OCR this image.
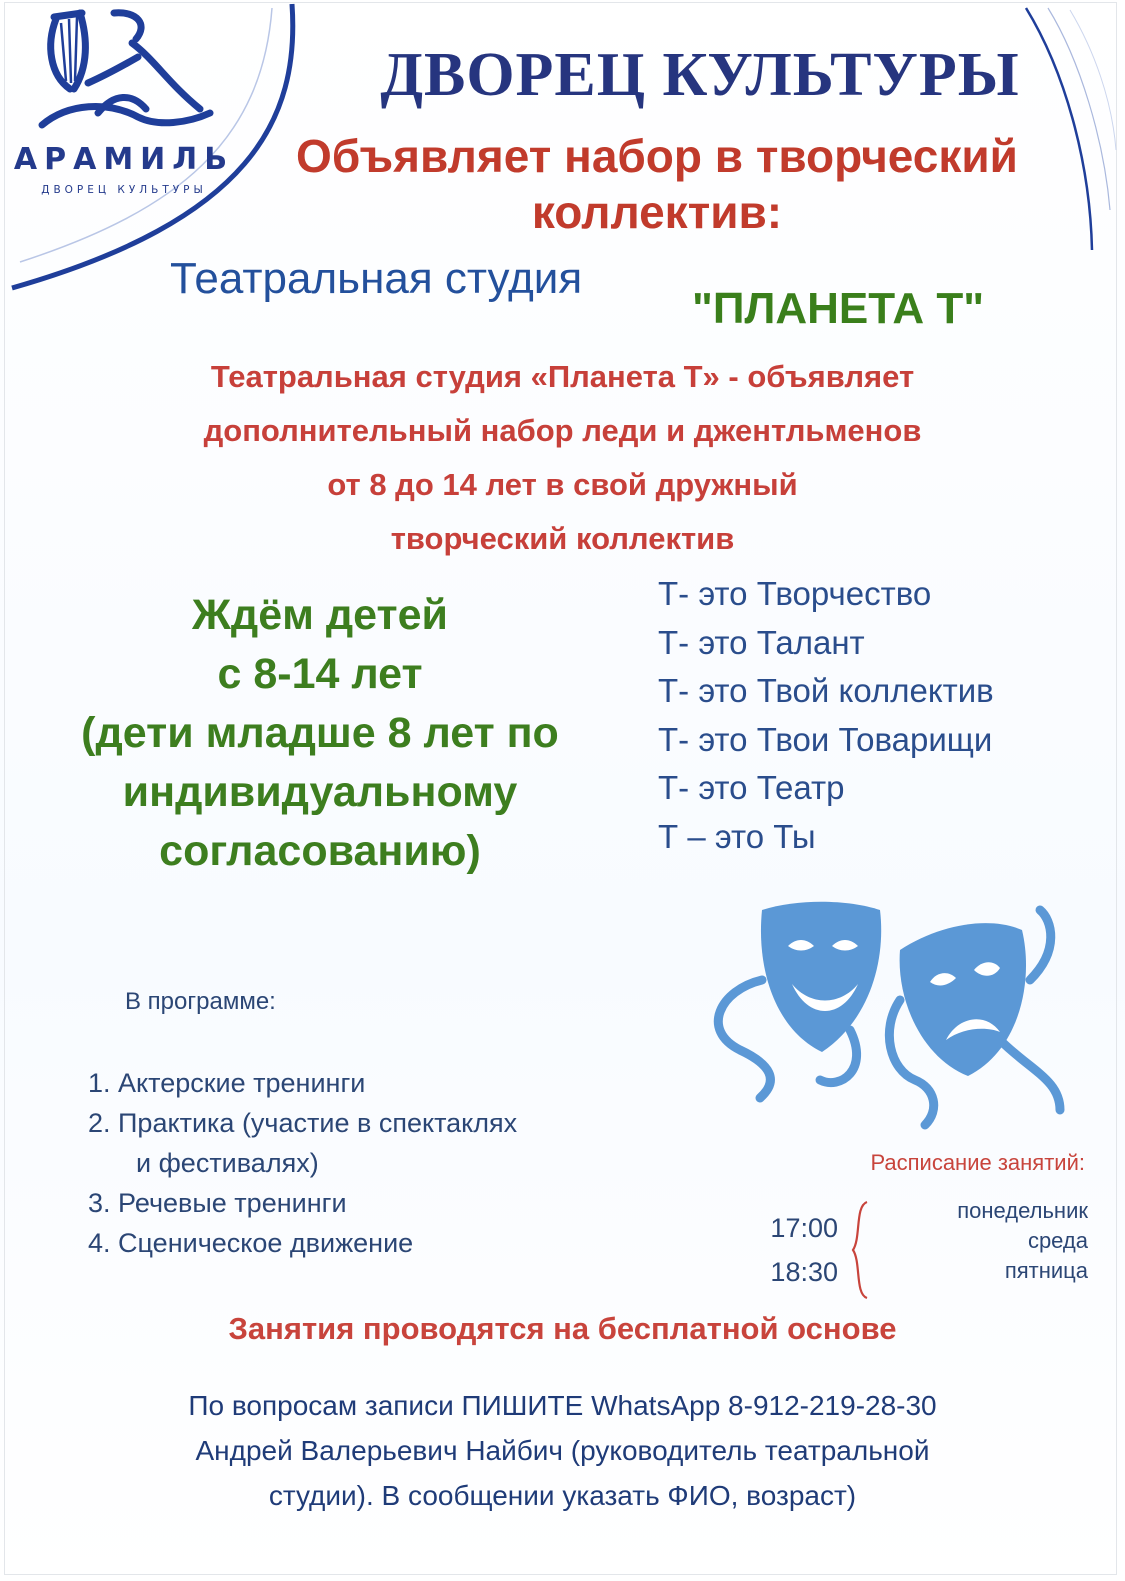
АРАМИЛЬ
ДВОРЕЦ КУЛЬТУРЫ
ДВОРЕЦ КУЛЬТУРЫ
Объявляет набор в творческий
коллектив:
Театральная студия
"ПЛАНЕТА Т"
Театральная студия «Планета Т» - объявляет
дополнительный набор леди и джентльменов
от 8 до 14 лет в свой дружный
творческий коллектив
Ждём детей
с 8-14 лет
(дети младше 8 лет по
индивидуальному
согласованию)
Т- это Творчество
Т- это Талант
Т- это Твой коллектив
Т- это Твои Товарищи
Т- это Театр
Т – это Ты
В программе:
1. Актерские тренинги
2. Практика (участие в спектаклях
и фестивалях)
3. Речевые тренинги
4. Сценическое движение
Расписание занятий:
17:00
18:30
понедельник
среда
пятница
Занятия проводятся на бесплатной основе
По вопросам записи ПИШИТЕ WhatsApp 8-912-219-28-30
Андрей Валерьевич Найбич (руководитель театральной
студии). В сообщении указать ФИО, возраст)
